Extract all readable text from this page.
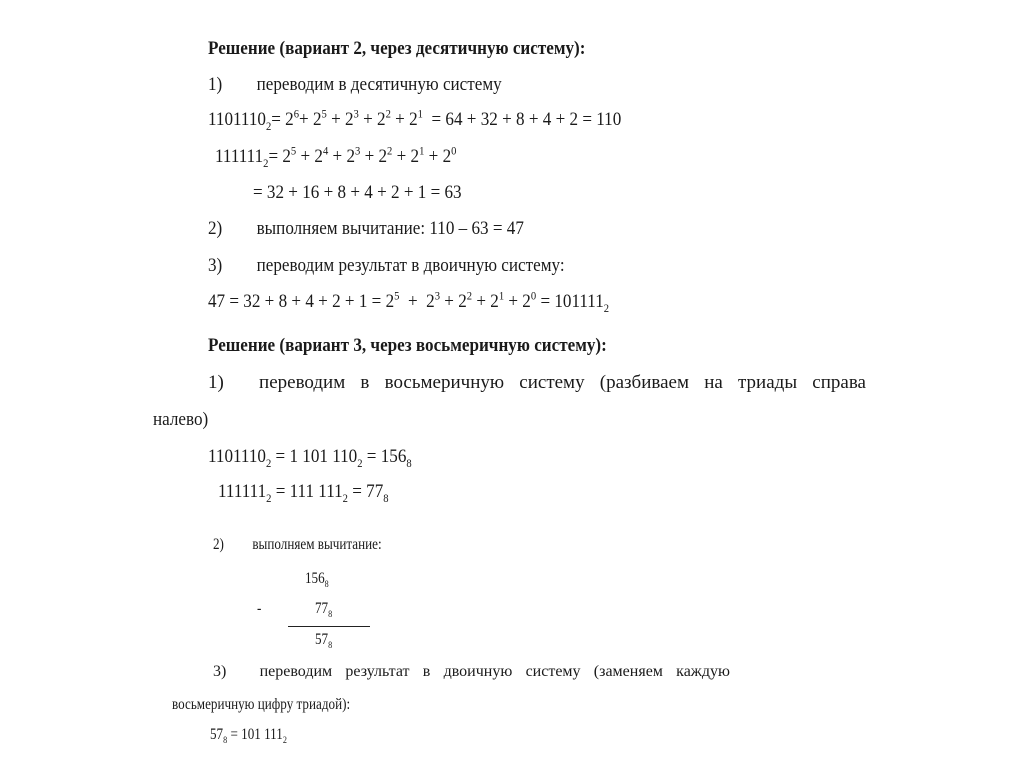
Решение (вариант 2, через десятичную систему):
1) переводим в десятичную систему
$1101110_2= 2^6+ 2^5 + 2^3 + 2^2 + 2^1 = 64 + 32 + 8 + 4 + 2 = 110$
$111111_2= 2^5 + 2^4 + 2^3 + 2^2 + 2^1 + 2^0$
= 32 + 16 + 8 + 4 + 2 + 1 = 63
2) выполняем вычитание: 110 – 63 = 47
3) переводим результат в двоичную систему:
$47 = 32 + 8 + 4 + 2 + 1 = 2^5 + 2^3 + 2^2 + 2^1 + 2^0 = 101111_2$
Решение (вариант 3, через восьмеричную систему):
1) переводим в восьмеричную систему (разбиваем на триады справа
налево)
$1101110_2 = 1$ 101 $110_2 = 156_8$
$111111_2 = 111$ $111_2 = 77_8$
2) выполняем вычитание:
$156_8$
-	$77_8$
$57_8$
3) переводим результат в двоичную систему (заменяем каждую
восьмеричную цифру триадой):
$57_8 = 101$ $111_2$
